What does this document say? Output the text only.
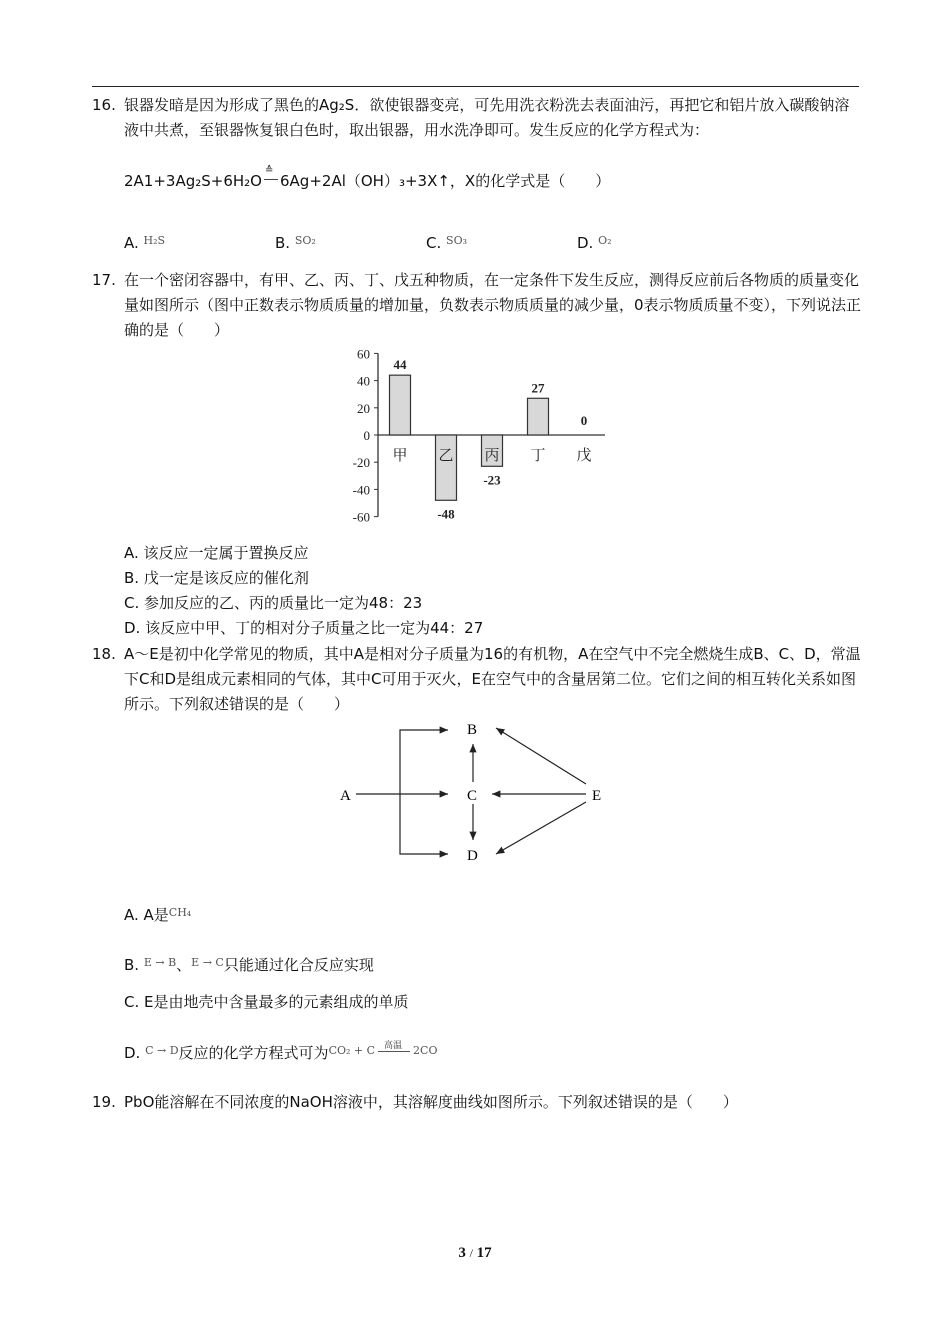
16. 银器发暗是因为形成了黑色的Ag₂S．欲使银器变亮，可先用洗衣粉洗去表面油污，再把它和铝片放入碳酸钠溶液中共煮，至银器恢复银白色时，取出银器，用水洗净即可。发生反应的化学方程式为：
2A1+3Ag₂S+6H₂O
≙
6Ag+2Al（OH）₃+3X↑，X的化学式是（　　）
A. $^{H_2S}$	B. $^{SO_2}$	C. $^{SO_3}$	D. $^{O_2}$
17. 在一个密闭容器中，有甲、乙、丙、丁、戊五种物质，在一定条件下发生反应，测得反应前后各物质的质量变化量如图所示（图中正数表示物质质量的增加量，负数表示物质质量的减少量，0表示物质质量不变），下列说法正确的是（　　）
60
40
20
0
-20
-40
-60
44
甲
-48
乙
-23
丙
27
丁
0
戊
A. 该反应一定属于置换反应
B. 戊一定是该反应的催化剂
C. 参加反应的乙、丙的质量比一定为48：23
D. 该反应中甲、丁的相对分子质量之比一定为44：27
18. A～E是初中化学常见的物质，其中A是相对分子质量为16的有机物，A在空气中不完全燃烧生成B、C、D，常温下C和D是组成元素相同的气体，其中C可用于灭火，E在空气中的含量居第二位。它们之间的相互转化关系如图所示。下列叙述错误的是（　　）
A
B
C
D
E
A. A是$^{CH_4}$
B. $^{E \to B}$、$^{E \to C}$只能通过化合反应实现
C. E是由地壳中含量最多的元素组成的单质
D. $^{C \to D}$反应的化学方程式可为$^{CO_2 + C}$ 高温 $^{2CO}$
19. PbO能溶解在不同浓度的NaOH溶液中，其溶解度曲线如图所示。下列叙述错误的是（　　）
3 / 17
